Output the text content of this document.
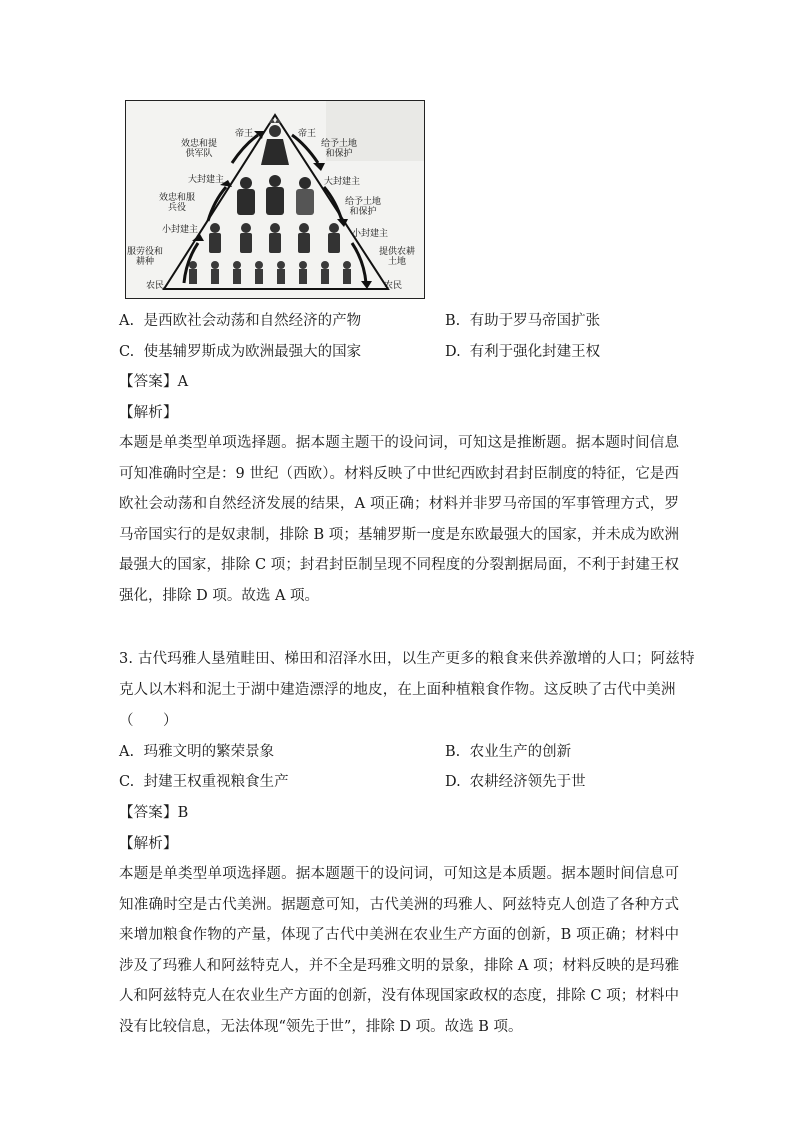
帝王	帝王
效忠和提供军队
给予土地和保护
大封建主	大封建主
效忠和服兵役
给予土地和保护
小封建主	小封建主
服劳役和耕种
提供农耕土地
农民	农民
A. 是西欧社会动荡和自然经济的产物	B. 有助于罗马帝国扩张
C. 使基辅罗斯成为欧洲最强大的国家	D. 有利于强化封建王权
【答案】A
【解析】
本题是单类型单项选择题。据本题主题干的设问词，可知这是推断题。据本题时间信息可知准确时空是：9 世纪（西欧）。材料反映了中世纪西欧封君封臣制度的特征，它是西欧社会动荡和自然经济发展的结果，A 项正确；材料并非罗马帝国的军事管理方式，罗马帝国实行的是奴隶制，排除 B 项；基辅罗斯一度是东欧最强大的国家，并未成为欧洲最强大的国家，排除 C 项；封君封臣制呈现不同程度的分裂割据局面，不利于封建王权强化，排除 D 项。故选 A 项。
3. 古代玛雅人垦殖畦田、梯田和沼泽水田，以生产更多的粮食来供养激增的人口；阿兹特
克人以木料和泥土于湖中建造漂浮的地皮，在上面种植粮食作物。这反映了古代中美洲
（　　）
A. 玛雅文明的繁荣景象	B. 农业生产的创新
C. 封建王权重视粮食生产	D. 农耕经济领先于世
【答案】B
【解析】
本题是单类型单项选择题。据本题题干的设问词，可知这是本质题。据本题时间信息可知准确时空是古代美洲。据题意可知，古代美洲的玛雅人、阿兹特克人创造了各种方式来增加粮食作物的产量，体现了古代中美洲在农业生产方面的创新，B 项正确；材料中涉及了玛雅人和阿兹特克人，并不全是玛雅文明的景象，排除 A 项；材料反映的是玛雅人和阿兹特克人在农业生产方面的创新，没有体现国家政权的态度，排除 C 项；材料中没有比较信息，无法体现“领先于世”，排除 D 项。故选 B 项。
